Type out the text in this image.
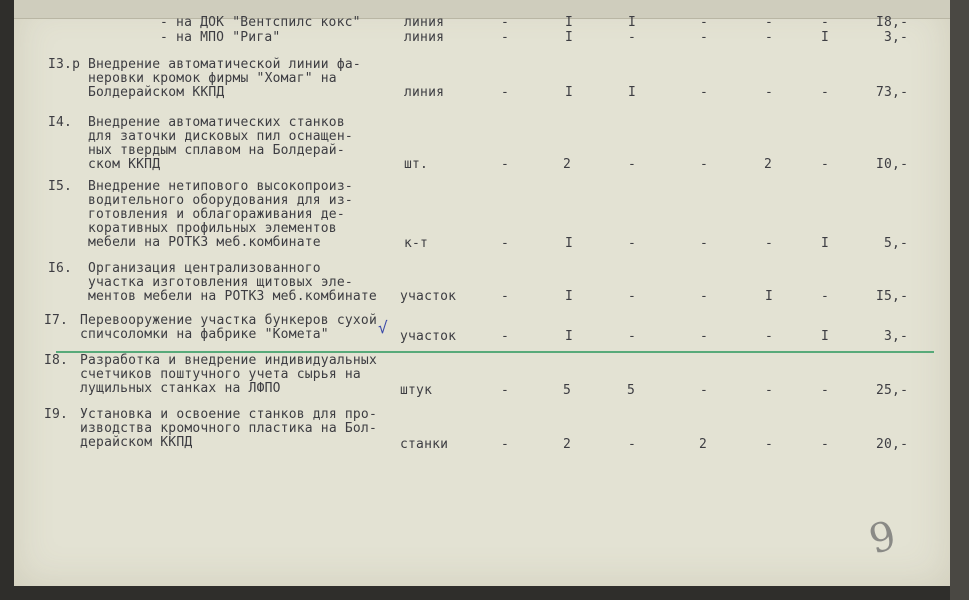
- на ДОК "Вентспилс кокс"	линия	-	I	I	-	-	-	I8,-
- на МПО "Рига"	линия	-	I	-	-	-	I	3,-
I3.р Внедрение автоматической линии фа-
неровки кромок фирмы "Хомаг" на
Болдерайском ККПД	линия	-	I	I	-	-	-	73,-
I4. Внедрение автоматических станков
для заточки дисковых пил оснащен-
ных твердым сплавом на Болдерай-
ском ККПД	шт.	-	2	-	-	2	-	I0,-
I5. Внедрение нетипового высокопроиз-
водительного оборудования для из-
готовления и облагораживания де-
коративных профильных элементов
мебели на РОТКЗ меб.комбинате	к-т	-	I	-	-	-	I	5,-
I6. Организация централизованного
участка изготовления щитовых эле-
ментов мебели на РОТКЗ меб.комбинате участок	-	I	-	-	I	-	I5,-
I7. Перевооружение участка бункеров сухой
спичсоломки на фабрике "Комета"	участок	-	I	-	-	-	I	3,-
√
I8. Разработка и внедрение индивидуальных
счетчиков поштучного учета сырья на
лущильных станках на ЛФПО	штук	-	5	5	-	-	-	25,-
I9. Установка и освоение станков для про-
изводства кромочного пластика на Бол-
дерайском ККПД	станки	-	2	-	2	-	-	20,-
9
